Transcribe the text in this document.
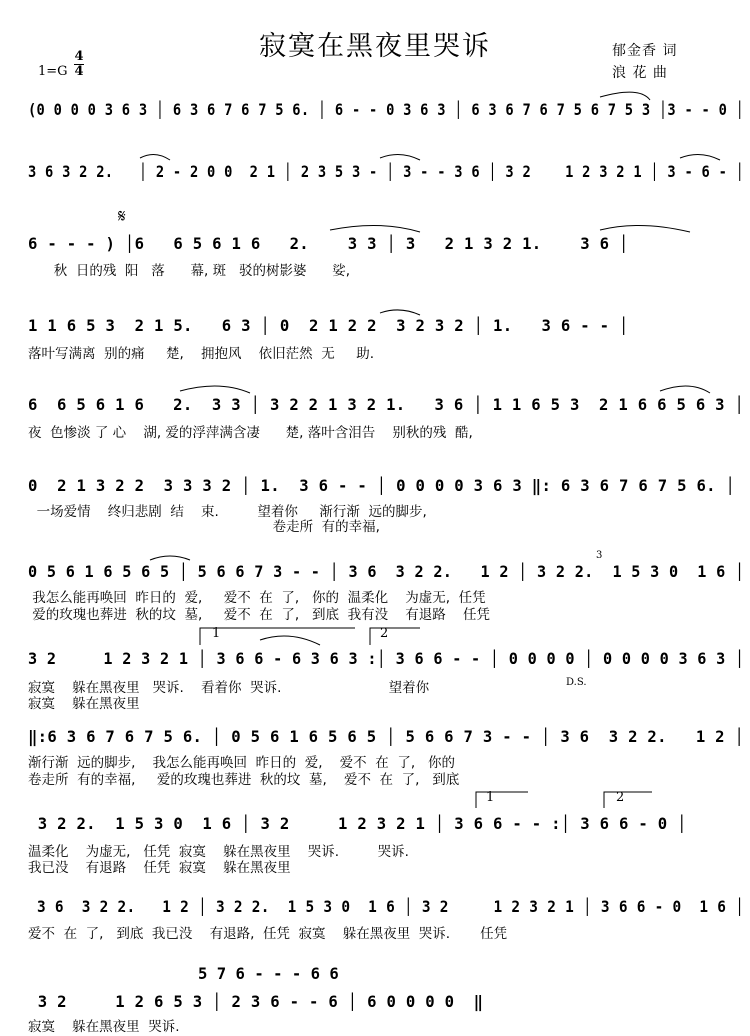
寂寞在黑夜里哭诉	郁金香 词
浪 花 曲
1=G
4
4
𝄋
(0 0 0 0 3 6 3 │ 6 3 6 7 6 7 5 6. │ 6 - - 0 3 6 3 │ 6 3 6 7 6 7 5 6 7 5 3 │3 - - 0 │
3 6 3 2 2.   │ 2 - 2 0 0  2 1 │ 2 3 5 3 - │ 3 - - 3 6 │ 3 2    1 2 3 2 1 │ 3 - 6 - │
6 - - - ) │6   6 5 6 1 6   2.    3 3 │ 3   2 1 3 2 1.    3 6 │
秋  日的残  阳   落      幕, 斑   驳的树影婆      娑,
1 1 6 5 3  2 1 5.   6 3 │ 0  2 1 2 2  3 2 3 2 │ 1.   3 6 - - │
落叶写满离  别的痛     楚,    拥抱风    依旧茫然  无     助.
6  6 5 6 1 6   2.  3 3 │ 3 2 2 1 3 2 1.   3 6 │ 1 1 6 5 3  2 1 6 6 5 6 3 │
夜  色惨淡 了 心    湖, 爱的浮萍满含凄      楚, 落叶含泪告    别秋的残  酷,
0  2 1 3 2 2  3 3 3 2 │ 1.  3 6 - - │ 0 0 0 0 3 6 3 ‖: 6 3 6 7 6 7 5 6. │
一场爱情    终归悲剧  结    束.         望着你     渐行渐  远的脚步,
卷走所  有的幸福,
0 5 6 1 6 5 6 5 │ 5 6 6 7 3 - - │ 3 6  3 2 2.   1 2 │ 3 2 2.  1 5 3 0  1 6 │
我怎么能再唤回  昨日的  爱,     爱不  在  了,   你的  温柔化    为虚无,  任凭
爱的玫瑰也葬进  秋的坟  墓,     爱不  在  了,   到底  我有没    有退路    任凭
3 2     1 2 3 2 1 │ 3 6 6 - 6 3 6 3 :│ 3 6 6 - - │ 0 0 0 0 │ 0 0 0 0 3 6 3 │
寂寞    躲在黑夜里   哭诉.    看着你  哭诉.                         望着你
寂寞    躲在黑夜里
‖:6 3 6 7 6 7 5 6. │ 0 5 6 1 6 5 6 5 │ 5 6 6 7 3 - - │ 3 6  3 2 2.   1 2 │
渐行渐  远的脚步,    我怎么能再唤回  昨日的  爱,    爱不  在  了,   你的
卷走所  有的幸福,     爱的玫瑰也葬进  秋的坟  墓,    爱不  在  了,   到底
3 2 2.  1 5 3 0  1 6 │ 3 2     1 2 3 2 1 │ 3 6 6 - - :│ 3 6 6 - 0 │
温柔化    为虚无,   任凭  寂寞    躲在黑夜里    哭诉.         哭诉.
我已没    有退路    任凭  寂寞    躲在黑夜里
3 6  3 2 2.   1 2 │ 3 2 2.  1 5 3 0  1 6 │ 3 2     1 2 3 2 1 │ 3 6 6 - 0  1 6 │
爱不  在  了,   到底  我已没    有退路,  任凭  寂寞    躲在黑夜里  哭诉.       任凭
5 7 6 - - - 6 6
3 2     1 2 6 5 3 │ 2 3 6 - - 6 │ 6 0 0 0 0  ‖
寂寞    躲在黑夜里  哭诉.
1	2
1	2
3
D.S.
